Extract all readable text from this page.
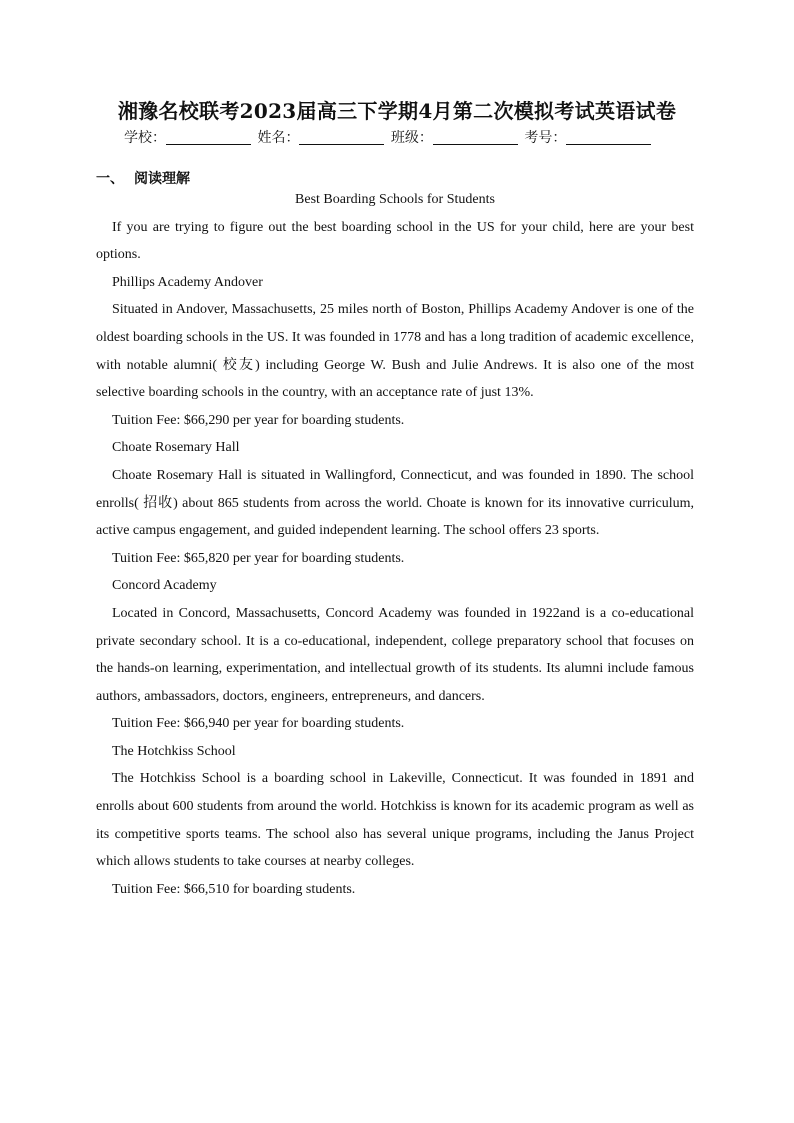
湘豫名校联考2023届高三下学期4月第二次模拟考试英语试卷
学校：	姓名：	班级：	考号：
一、 阅读理解

Best Boarding Schools for Students

If you are trying to figure out the best boarding school in the US for your child, here are your best options.

Phillips Academy Andover

Situated in Andover, Massachusetts, 25 miles north of Boston, Phillips Academy Andover is one of the oldest boarding schools in the US. It was founded in 1778 and has a long tradition of academic excellence, with notable alumni( 校友) including George W. Bush and Julie Andrews. It is also one of the most selective boarding schools in the country, with an acceptance rate of just 13%.

Tuition Fee: $66,290 per year for boarding students.

Choate Rosemary Hall

Choate Rosemary Hall is situated in Wallingford, Connecticut, and was founded in 1890. The school enrolls( 招收) about 865 students from across the world. Choate is known for its innovative curriculum, active campus engagement, and guided independent learning. The school offers 23 sports.

Tuition Fee: $65,820 per year for boarding students.

Concord Academy

Located in Concord, Massachusetts, Concord Academy was founded in 1922and is a co-educational private secondary school. It is a co-educational, independent, college preparatory school that focuses on the hands-on learning, experimentation, and intellectual growth of its students. Its alumni include famous authors, ambassadors, doctors, engineers, entrepreneurs, and dancers.

Tuition Fee: $66,940 per year for boarding students.

The Hotchkiss School

The Hotchkiss School is a boarding school in Lakeville, Connecticut. It was founded in 1891 and enrolls about 600 students from around the world. Hotchkiss is known for its academic program as well as its competitive sports teams. The school also has several unique programs, including the Janus Project which allows students to take courses at nearby colleges.

Tuition Fee: $66,510 for boarding students.
